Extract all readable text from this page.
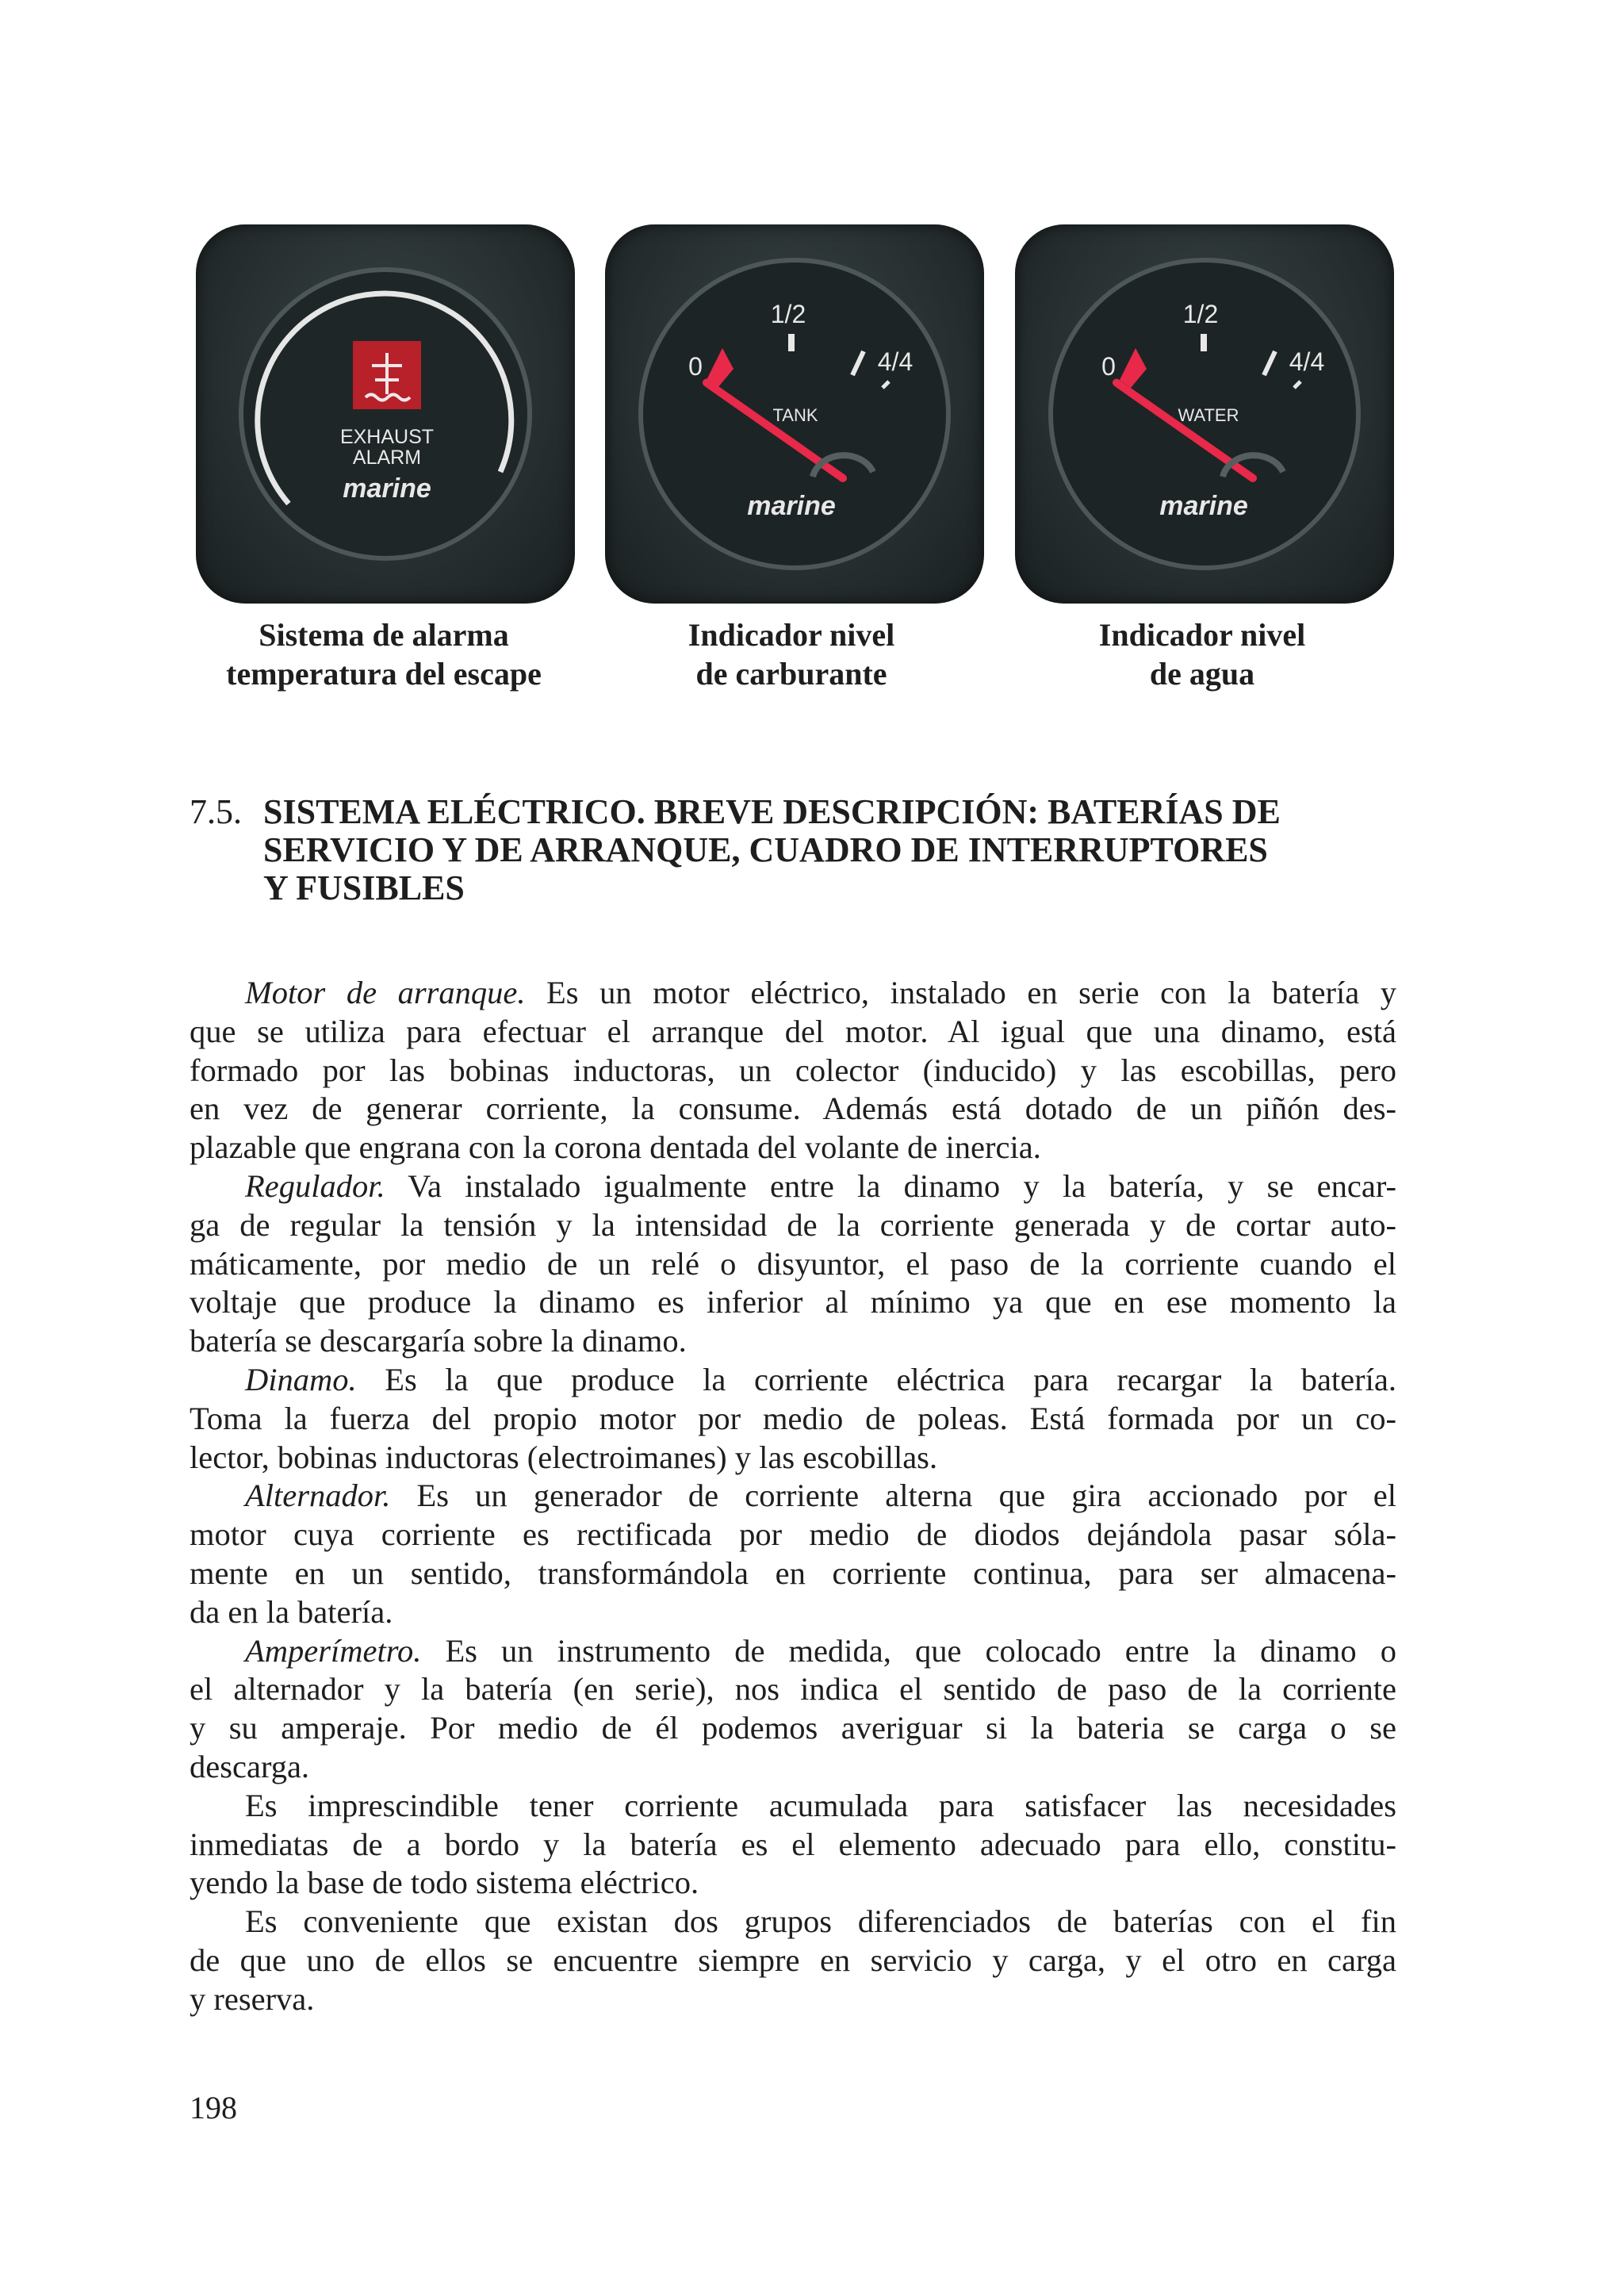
EXHAUST
ALARM
marine
1/2
0	4/4
TANK
marine
1/2
0	4/4
WATER
marine
Sistema de alarma
temperatura del escape
Indicador nivel
de carburante
Indicador nivel
de agua
7.5. SISTEMA ELÉCTRICO. BREVE DESCRIPCIÓN: BATERÍAS DE
SERVICIO Y DE ARRANQUE, CUADRO DE INTERRUPTORES
Y FUSIBLES
Motor de arranque. Es un motor eléctrico, instalado en serie con la batería y
que se utiliza para efectuar el arranque del motor. Al igual que una dinamo, está
formado por las bobinas inductoras, un colector (inducido) y las escobillas, pero
en vez de generar corriente, la consume. Además está dotado de un piñón des-
plazable que engrana con la corona dentada del volante de inercia.
Regulador. Va instalado igualmente entre la dinamo y la batería, y se encar-
ga de regular la tensión y la intensidad de la corriente generada y de cortar auto-
máticamente, por medio de un relé o disyuntor, el paso de la corriente cuando el
voltaje que produce la dinamo es inferior al mínimo ya que en ese momento la
batería se descargaría sobre la dinamo.
Dinamo. Es la que produce la corriente eléctrica para recargar la batería.
Toma la fuerza del propio motor por medio de poleas. Está formada por un co-
lector, bobinas inductoras (electroimanes) y las escobillas.
Alternador. Es un generador de corriente alterna que gira accionado por el
motor cuya corriente es rectificada por medio de diodos dejándola pasar sóla-
mente en un sentido, transformándola en corriente continua, para ser almacena-
da en la batería.
Amperímetro. Es un instrumento de medida, que colocado entre la dinamo o
el alternador y la batería (en serie), nos indica el sentido de paso de la corriente
y su amperaje. Por medio de él podemos averiguar si la bateria se carga o se
descarga.
Es imprescindible tener corriente acumulada para satisfacer las necesidades
inmediatas de a bordo y la batería es el elemento adecuado para ello, constitu-
yendo la base de todo sistema eléctrico.
Es conveniente que existan dos grupos diferenciados de baterías con el fin
de que uno de ellos se encuentre siempre en servicio y carga, y el otro en carga
y reserva.
198
